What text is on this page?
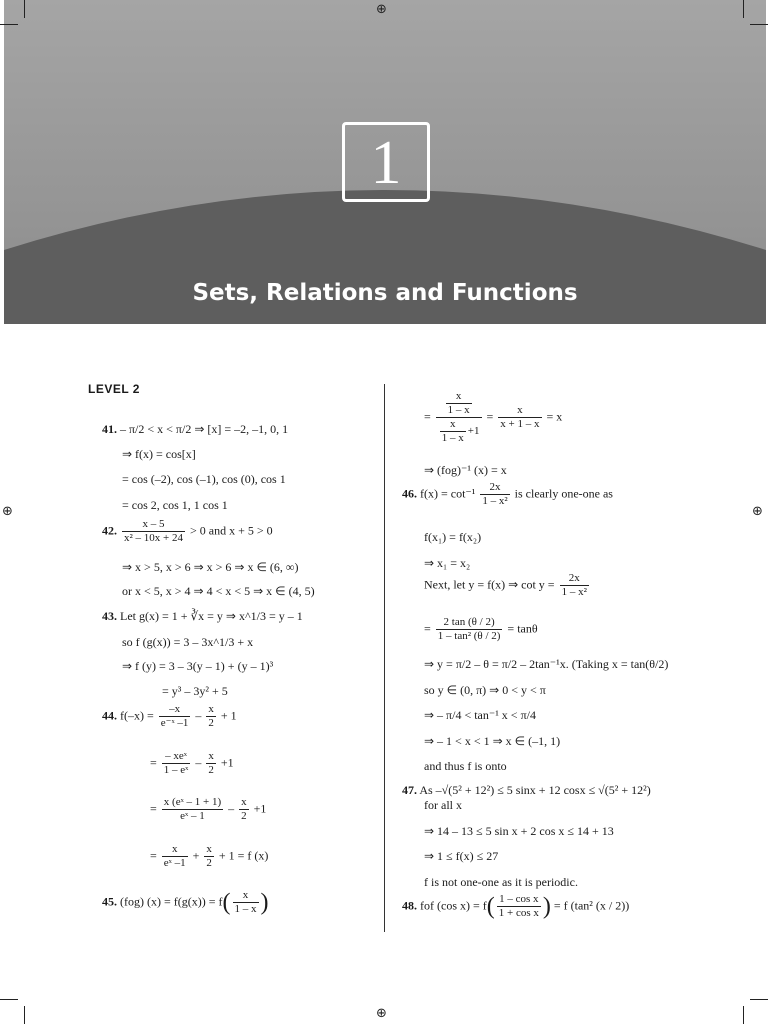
1
Sets, Relations and Functions
⊕
⊕	⊕
⊕
LEVEL 2
41. – π/2 < x < π/2 ⇒ [x] = –2, –1, 0, 1
⇒ f(x) = cos[x]
= cos (–2), cos (–1), cos (0), cos 1
= cos 2, cos 1, 1 cos 1
42. $\frac{x - 5}{\text{x² – 10x + 24}} > 0$ and x + 5 > 0
⇒ x > 5, x > 6 ⇒ x > 6 ⇒ x ∈ (6, ∞)
or x < 5, x > 4 ⇒ 4 < x < 5 ⇒ x ∈ (4, 5)
43. Let g(x) = 1 + ∛x = y ⇒ x^1/3 = y – 1
so f (g(x)) = 3 – 3x^1/3 + x
⇒ f (y) = 3 – 3(y – 1) + (y – 1)³
= y³ – 3y² + 5
44. $f(-x) = \frac{-x}{\text{e⁻ˣ –1}} - \frac{x}{2} + 1$
= $\frac{\text{– xeˣ}}{\text{1 – eˣ}} - \frac{x}{2} +1$
= $\frac{\text{x (eˣ – 1 + 1)}}{\text{eˣ – 1}} - \frac{x}{2} +1$
= $\frac{x}{\text{eˣ –1}} + \frac{x}{2} + 1 = f$ (x)
45. (fog) $(x) = f(g(x)) = f( \frac{x}{1 - x}$ )
= $\frac{\frac{x}{1 - x}}{\frac{x}{1 - x} +1} = \frac{x}{x + 1 - x} = x$
⇒ (fog)⁻¹ (x) = x
46. $f(x) = \cot^{-1} \frac{2x}{\text{1 – x²}}$ is clearly one-one as
f(x₁) = f(x₂)
⇒ x₁ = x₂
Next, let y = f(x) ⇒ $\cot y = \frac{2x}{\text{1 – x²}}$
= $\frac{2 \tan (\theta / 2)}{\text{1 – tan² (θ / 2)}} = \tan\theta$
⇒ y = π/2 – θ = π/2 – 2tan⁻¹x. (Taking x = tan(θ/2)
so y ∈ (0, π) ⇒ 0 < y < π
⇒ – π/4 < tan⁻¹ x < π/4
⇒ – 1 < x < 1 ⇒ x ∈ (–1, 1)
and thus f is onto
47. As –√(5² + 12²) ≤ 5 sinx + 12 cosx ≤ √(5² + 12²)
for all x
⇒ 14 – 13 ≤ 5 sin x + 2 cos x ≤ 14 + 13
⇒ 1 ≤ f(x) ≤ 27
f is not one-one as it is periodic.
48. fof (cos $x) = f( \frac{\text{1 – cos x}}{\text{1 + cos x}}$ ) = f (tan² (x / 2))
